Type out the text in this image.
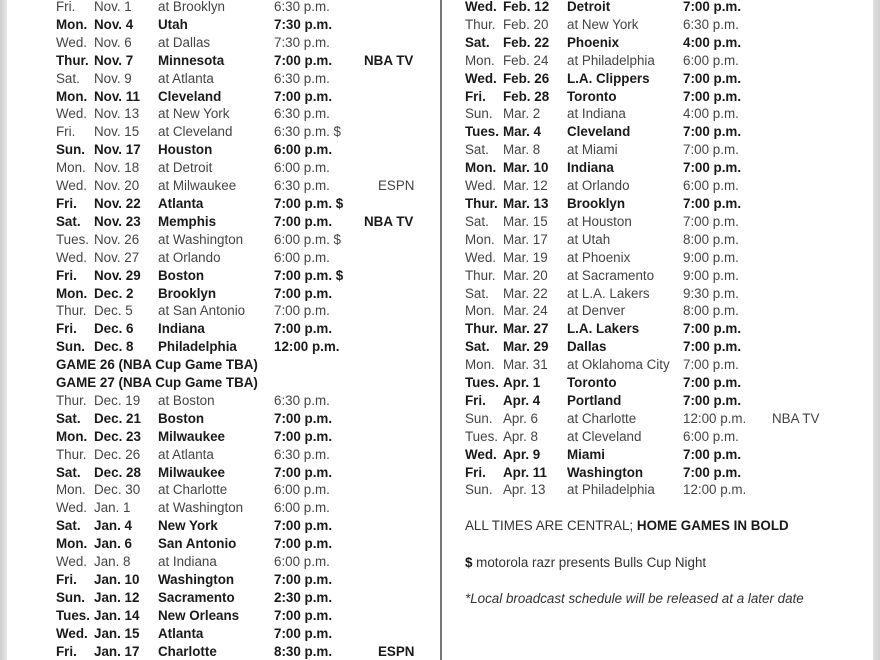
Fri. Nov. 1 at Brooklyn	6:30 p.m.
Mon. Nov. 4 Utah	7:30 p.m.
Wed. Nov. 6 at Dallas	7:30 p.m.
Thur. Nov. 7 Minnesota	7:00 p.m. NBA TV
Sat. Nov. 9 at Atlanta	6:30 p.m.
Mon. Nov. 11 Cleveland	7:00 p.m.
Wed. Nov. 13 at New York	6:30 p.m.
Fri. Nov. 15 at Cleveland	6:30 p.m. $
Sun. Nov. 17 Houston	6:00 p.m.
Mon. Nov. 18 at Detroit	6:00 p.m.
Wed. Nov. 20 at Milwaukee	6:30 p.m.	ESPN
Fri. Nov. 22 Atlanta	7:00 p.m. $
Sat. Nov. 23 Memphis	7:00 p.m. NBA TV
Tues. Nov. 26 at Washington 6:00 p.m. $
Wed. Nov. 27 at Orlando	6:00 p.m.
Fri. Nov. 29 Boston	7:00 p.m. $
Mon. Dec. 2 Brooklyn	7:00 p.m.
Thur. Dec. 5 at San Antonio 7:00 p.m.
Fri. Dec. 6 Indiana	7:00 p.m.
Sun. Dec. 8 Philadelphia	12:00 p.m.
GAME 26 (NBA Cup Game TBA)
GAME 27 (NBA Cup Game TBA)
Thur. Dec. 19 at Boston	6:30 p.m.
Sat. Dec. 21 Boston	7:00 p.m.
Mon. Dec. 23 Milwaukee	7:00 p.m.
Thur. Dec. 26 at Atlanta	6:30 p.m.
Sat. Dec. 28 Milwaukee	7:00 p.m.
Mon. Dec. 30 at Charlotte	6:00 p.m.
Wed. Jan. 1 at Washington 6:00 p.m.
Sat. Jan. 4 New York	7:00 p.m.
Mon. Jan. 6 San Antonio	7:00 p.m.
Wed. Jan. 8 at Indiana	6:00 p.m.
Fri. Jan. 10 Washington	7:00 p.m.
Sun. Jan. 12 Sacramento	2:30 p.m.
Tues. Jan. 14 New Orleans	7:00 p.m.
Wed. Jan. 15 Atlanta	7:00 p.m.
Fri. Jan. 17 Charlotte	8:30 p.m.	ESPN
Wed. Feb. 12 Detroit	7:00 p.m.
Thur. Feb. 20 at New York	6:30 p.m.
Sat. Feb. 22 Phoenix	4:00 p.m.
Mon. Feb. 24 at Philadelphia 6:00 p.m.
Wed. Feb. 26 L.A. Clippers 7:00 p.m.
Fri. Feb. 28 Toronto	7:00 p.m.
Sun. Mar. 2 at Indiana	4:00 p.m.
Tues. Mar. 4 Cleveland	7:00 p.m.
Sat. Mar. 8 at Miami	7:00 p.m.
Mon. Mar. 10 Indiana	7:00 p.m.
Wed. Mar. 12 at Orlando	6:00 p.m.
Thur. Mar. 13 Brooklyn	7:00 p.m.
Sat. Mar. 15 at Houston	7:00 p.m.
Mon. Mar. 17 at Utah	8:00 p.m.
Wed. Mar. 19 at Phoenix	9:00 p.m.
Thur. Mar. 20 at Sacramento 9:00 p.m.
Sat. Mar. 22 at L.A. Lakers 9:30 p.m.
Mon. Mar. 24 at Denver	8:00 p.m.
Thur. Mar. 27 L.A. Lakers	7:00 p.m.
Sat. Mar. 29 Dallas	7:00 p.m.
Mon. Mar. 31 at Oklahoma City 7:00 p.m.
Tues. Apr. 1 Toronto	7:00 p.m.
Fri. Apr. 4 Portland	7:00 p.m.
Sun. Apr. 6 at Charlotte	12:00 p.m. NBA TV
Tues. Apr. 8 at Cleveland	6:00 p.m.
Wed. Apr. 9 Miami	7:00 p.m.
Fri. Apr. 11 Washington	7:00 p.m.
Sun. Apr. 13 at Philadelphia 12:00 p.m.
ALL TIMES ARE CENTRAL; HOME GAMES IN BOLD
$ motorola razr presents Bulls Cup Night
*Local broadcast schedule will be released at a later date
